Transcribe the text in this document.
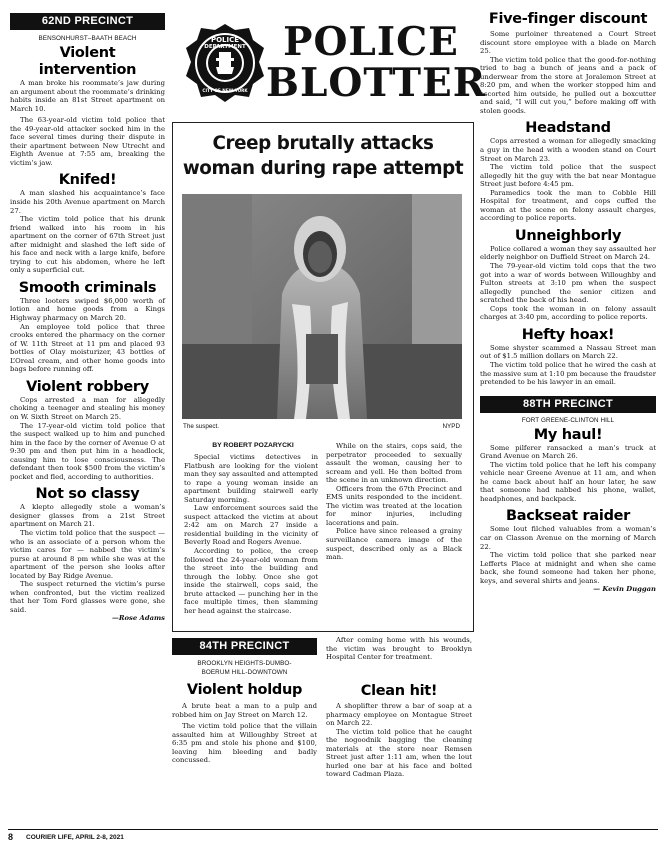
62ND PRECINCT
BENSONHURST–BAATH BEACH
Violent intervention

A man broke his roommate’s jaw during an argument about the roommate’s drinking habits inside an 81st Street apartment on March 10.

The 63-year-old victim told police that the 49-year-old attacker socked him in the face several times during their dispute in their apartment between New Utrecht and Eighth Avenue at 7:55 am, breaking the victim’s jaw.

Knifed!

A man slashed his acquaintance’s face inside his 20th Avenue apartment on March 27.

The victim told police that his drunk friend walked into his room in his apartment on the corner of 67th Street just after midnight and slashed the left side of his face and neck with a large knife, before trying to cut his abdomen, where he left only a superficial cut.

Smooth criminals

Three looters swiped $6,000 worth of lotion and home goods from a Kings Highway pharmacy on March 20.

An employee told police that three crooks entered the pharmacy on the corner of W. 11th Street at 11 pm and placed 93 bottles of Olay moisturizer, 43 bottles of L’Oreal cream, and other home goods into bags before running off.

Violent robbery

Cops arrested a man for allegedly choking a teenager and stealing his money on W. Sixth Street on March 25.

The 17-year-old victim told police that the suspect walked up to him and punched him in the face by the corner of Avenue O at 9:30 pm and then put him in a headlock, causing him to lose consciousness. The defendant then took $500 from the victim’s pocket and fled, according to authorities.

Not so classy

A klepto allegedly stole a woman’s designer glasses from a 21st Street apartment on March 21.

The victim told police that the suspect — who is an associate of a person whom the victim cares for — nabbed the victim’s purse at around 8 pm while she was at the apartment of the person she looks after located by Bay Ridge Avenue.

The suspect returned the victim’s purse when confronted, but the victim realized that her Tom Ford glasses were gone, she said.

—Rose Adams
POLICE
DEPARTMENT
CITY OF NEW YORK
POLICE
BLOTTER
Creep brutally attacks
woman during rape attempt
The suspect.	NYPD
BY ROBERT POZARYCKI

Special victims detectives in Flatbush are looking for the violent man they say assaulted and attempted to rape a young woman inside an apartment building stairwell early Saturday morning.

Law enforcement sources said the suspect attacked the victim at about 2:42 am on March 27 inside a residential building in the vicinity of Beverly Road and Rogers Avenue.

According to police, the creep followed the 24-year-old woman from the street into the building and through the lobby. Once she got inside the stairwell, cops said, the brute attacked — punching her in the face multiple times, then slamming her head against the staircase.

While on the stairs, cops said, the perpetrator proceeded to sexually assault the woman, causing her to scream and yell. He then bolted from the scene in an unknown direction.

Officers from the 67th Precinct and EMS units responded to the incident. The victim was treated at the location for minor injuries, including lacerations and pain.

Police have since released a grainy surveillance camera image of the suspect, described only as a Black man.

84TH PRECINCT
BROOKLYN HEIGHTS-DUMBO-
BOERUM HILL-DOWNTOWN
Violent holdup

A brute beat a man to a pulp and robbed him on Jay Street on March 12.

The victim told police that the villain assaulted him at Willoughby Street at 6:35 pm and stole his phone and $100, leaving him bleeding and badly concussed.

After coming home with his wounds, the victim was brought to Brooklyn Hospital Center for treatment.

Clean hit!

A shoplifter threw a bar of soap at a pharmacy employee on Montague Street on March 22.

The victim told police that he caught the nogoodnik bagging the cleaning materials at the store near Remsen Street just after 1:11 am, when the lout hurled one bar at his face and bolted toward Cadman Plaza.

Five-finger discount

Some purloiner threatened a Court Street discount store employee with a blade on March 25.

The victim told police that the good-for-nothing tried to bag a bunch of jeans and a pack of underwear from the store at Joralemon Street at 8:20 pm, and when the worker stopped him and escorted him outside, he pulled out a boxcutter and said, “I will cut you,” before making off with stolen goods.

Headstand

Cops arrested a woman for allegedly smacking a guy in the head with a wooden stand on Court Street on March 23.

The victim told police that the suspect allegedly hit the guy with the bat near Montague Street just before 4:45 pm.

Paramedics took the man to Cobble Hill Hospital for treatment, and cops cuffed the woman at the scene on felony assault charges, according to police reports.

Unneighborly

Police collared a woman they say assaulted her elderly neighbor on Duffield Street on March 24.

The 79-year-old victim told cops that the two got into a war of words between Willoughby and Fulton streets at 3:10 pm when the suspect allegedly punched the senior citizen and scratched the back of his head.

Cops took the woman in on felony assault charges at 3:40 pm, according to police reports.

Hefty hoax!

Some shyster scammed a Nassau Street man out of $1.5 million dollars on March 22.

The victim told police that he wired the cash at the massive sum at 1:10 pm because the fraudster pretended to be his lawyer in an email.

88TH PRECINCT
FORT GREENE-CLINTON HILL
My haul!

Some pilferer ransacked a man’s truck at Grand Avenue on March 26.

The victim told police that he left his company vehicle near Greene Avenue at 11 am, and when he came back about half an hour later, he saw that someone had nabbed his phone, wallet, headphones, and backpack.

Backseat raider

Some lout filched valuables from a woman’s car on Classon Avenue on the morning of March 22.

The victim told police that she parked near Lefferts Place at midnight and when she came back, she found someone had taken her phone, keys, and several shirts and jeans.

— Kevin Duggan
8 COURIER LIFE, APRIL 2-8, 2021
